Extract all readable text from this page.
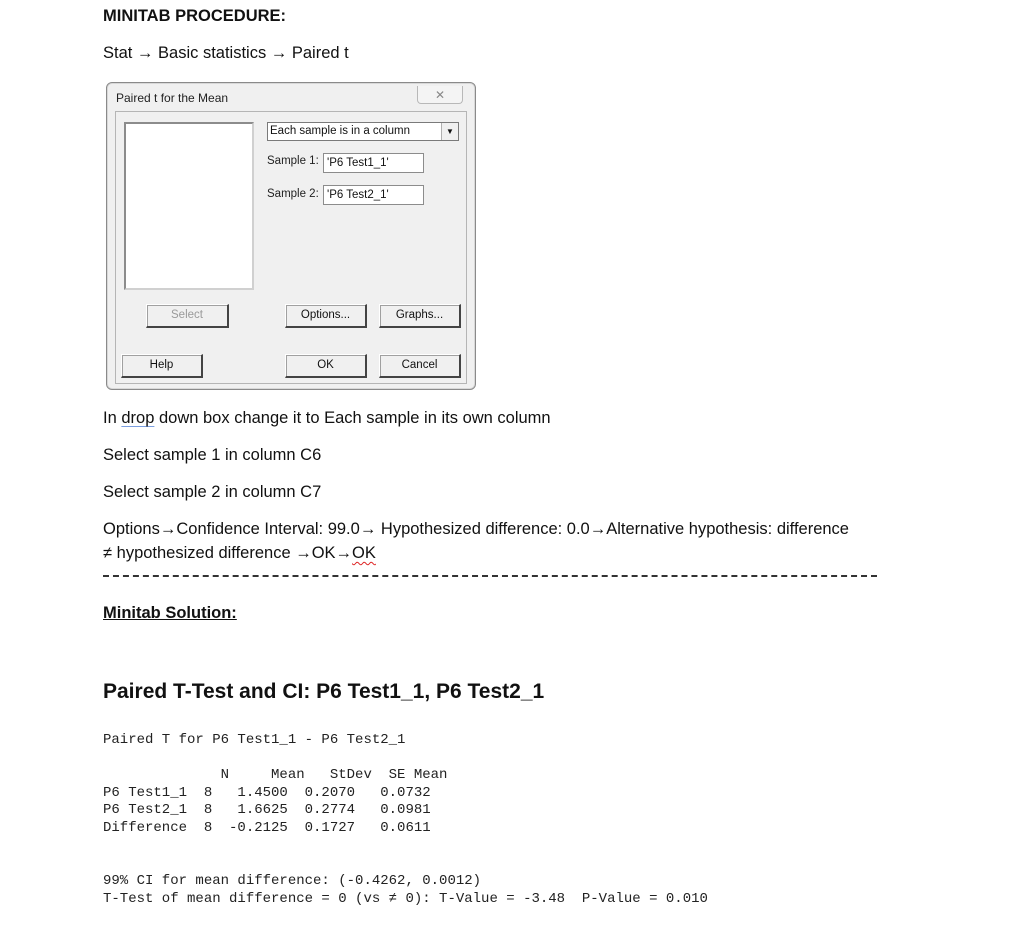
MINITAB PROCEDURE:
Stat → Basic statistics → Paired t
Paired t for the Mean	✕
Each sample is in a column	▼
Sample 1: 'P6 Test1_1'
Sample 2: 'P6 Test2_1'
Select	Options...	Graphs...
Help	OK	Cancel
In drop down box change it to Each sample in its own column
Select sample 1 in column C6
Select sample 2 in column C7
Options→Confidence Interval: 99.0→ Hypothesized difference: 0.0→Alternative hypothesis: difference
≠ hypothesized difference →OK→OK
Minitab Solution:
Paired T-Test and CI: P6 Test1_1, P6 Test2_1
Paired T for P6 Test1_1 - P6 Test2_1
N     Mean   StDev  SE Mean
P6 Test1_1  8   1.4500  0.2070   0.0732
P6 Test2_1  8   1.6625  0.2774   0.0981
Difference  8  -0.2125  0.1727   0.0611
99% CI for mean difference: (-0.4262, 0.0012)
T-Test of mean difference = 0 (vs ≠ 0): T-Value = -3.48  P-Value = 0.010
